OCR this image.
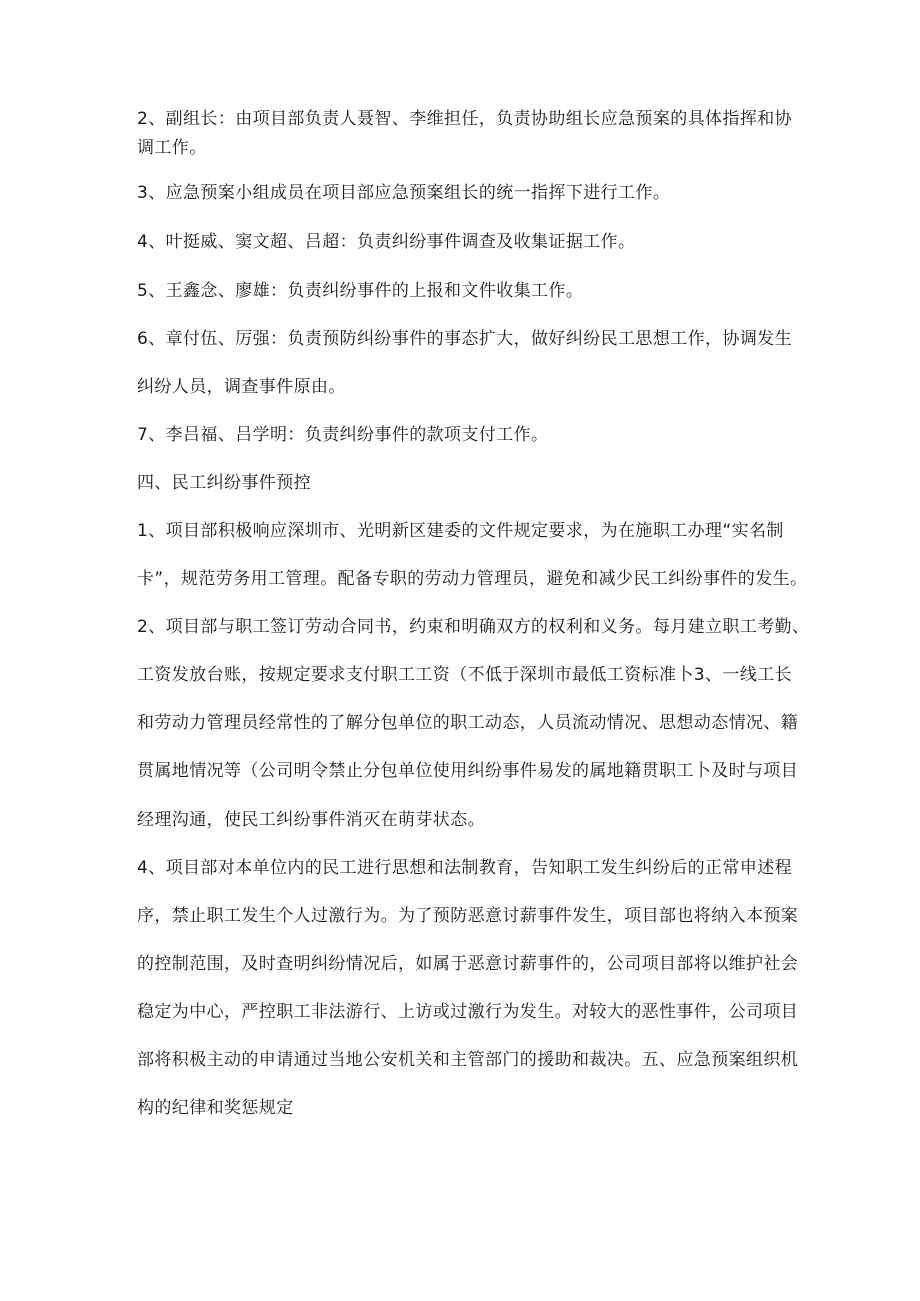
2、副组长：由项目部负责人聂智、李维担任，负责协助组长应急预案的具体指挥和协
调工作。
3、应急预案小组成员在项目部应急预案组长的统一指挥下进行工作。
4、叶挺威、窦文超、吕超：负责纠纷事件调查及收集证据工作。
5、王鑫念、廖雄：负责纠纷事件的上报和文件收集工作。
6、章付伍、厉强：负责预防纠纷事件的事态扩大，做好纠纷民工思想工作，协调发生
纠纷人员，调查事件原由。
7、李吕福、吕学明：负责纠纷事件的款项支付工作。
四、民工纠纷事件预控
1、项目部积极响应深圳市、光明新区建委的文件规定要求，为在施职工办理“实名制
卡”，规范劳务用工管理。配备专职的劳动力管理员，避免和减少民工纠纷事件的发生。
2、项目部与职工签订劳动合同书，约束和明确双方的权利和义务。每月建立职工考勤、
工资发放台账，按规定要求支付职工工资（不低于深圳市最低工资标准卜3、一线工长
和劳动力管理员经常性的了解分包单位的职工动态，人员流动情况、思想动态情况、籍
贯属地情况等（公司明令禁止分包单位使用纠纷事件易发的属地籍贯职工卜及时与项目
经理沟通，使民工纠纷事件消灭在萌芽状态。
4、项目部对本单位内的民工进行思想和法制教育，告知职工发生纠纷后的正常申述程
序，禁止职工发生个人过激行为。为了预防恶意讨薪事件发生，项目部也将纳入本预案
的控制范围，及时查明纠纷情况后，如属于恶意讨薪事件的，公司项目部将以维护社会
稳定为中心，严控职工非法游行、上访或过激行为发生。对较大的恶性事件，公司项目
部将积极主动的申请通过当地公安机关和主管部门的援助和裁决。五、应急预案组织机
构的纪律和奖惩规定
